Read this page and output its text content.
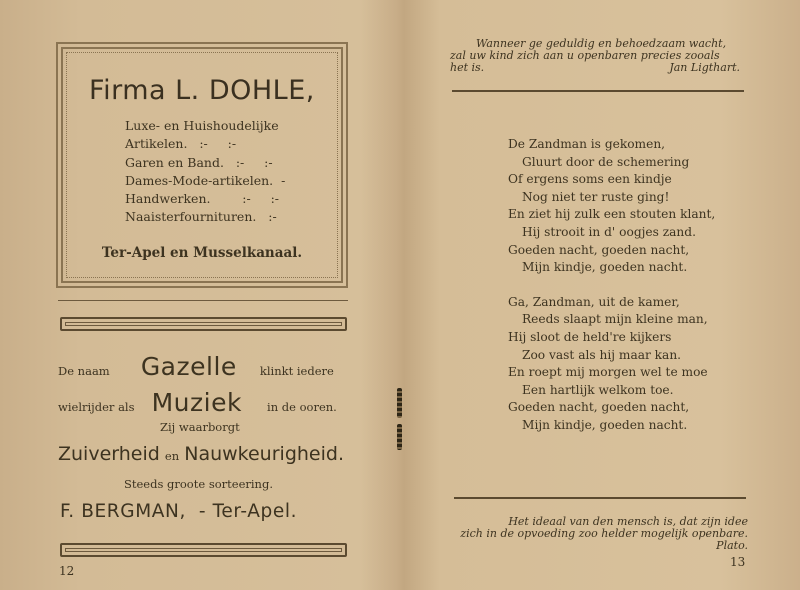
Firma L. DOHLE,
Luxe- en Huishoudelijke
Artikelen.   :-     :-
Garen en Band.   :-     :-
Dames-Mode-artikelen.  -
Handwerken.        :-     :-
Naaisterfournituren.   :-
Ter-Apel en Musselkanaal.
De naam Gazelle klinkt iedere
wielrijder als Muziek in de ooren.
Zij waarborgt
Zuiverheid en Nauwkeurigheid.
Steeds groote sorteering.
F. BERGMAN,  - Ter-Apel.
12
Wanneer ge geduldig en behoedzaam wacht,
zal uw kind zich aan u openbaren precies zooals
het is.	Jan Ligthart.
De Zandman is gekomen,
Gluurt door de schemering
Of ergens soms een kindje
Nog niet ter ruste ging!
En ziet hij zulk een stouten klant,
Hij strooit in d' oogjes zand.
Goeden nacht, goeden nacht,
Mijn kindje, goeden nacht.
Ga, Zandman, uit de kamer,
Reeds slaapt mijn kleine man,
Hij sloot de held're kijkers
Zoo vast als hij maar kan.
En roept mij morgen wel te moe
Een hartlijk welkom toe.
Goeden nacht, goeden nacht,
Mijn kindje, goeden nacht.
Het ideaal van den mensch is, dat zijn idee
zich in de opvoeding zoo helder mogelijk openbare.
Plato.
13
